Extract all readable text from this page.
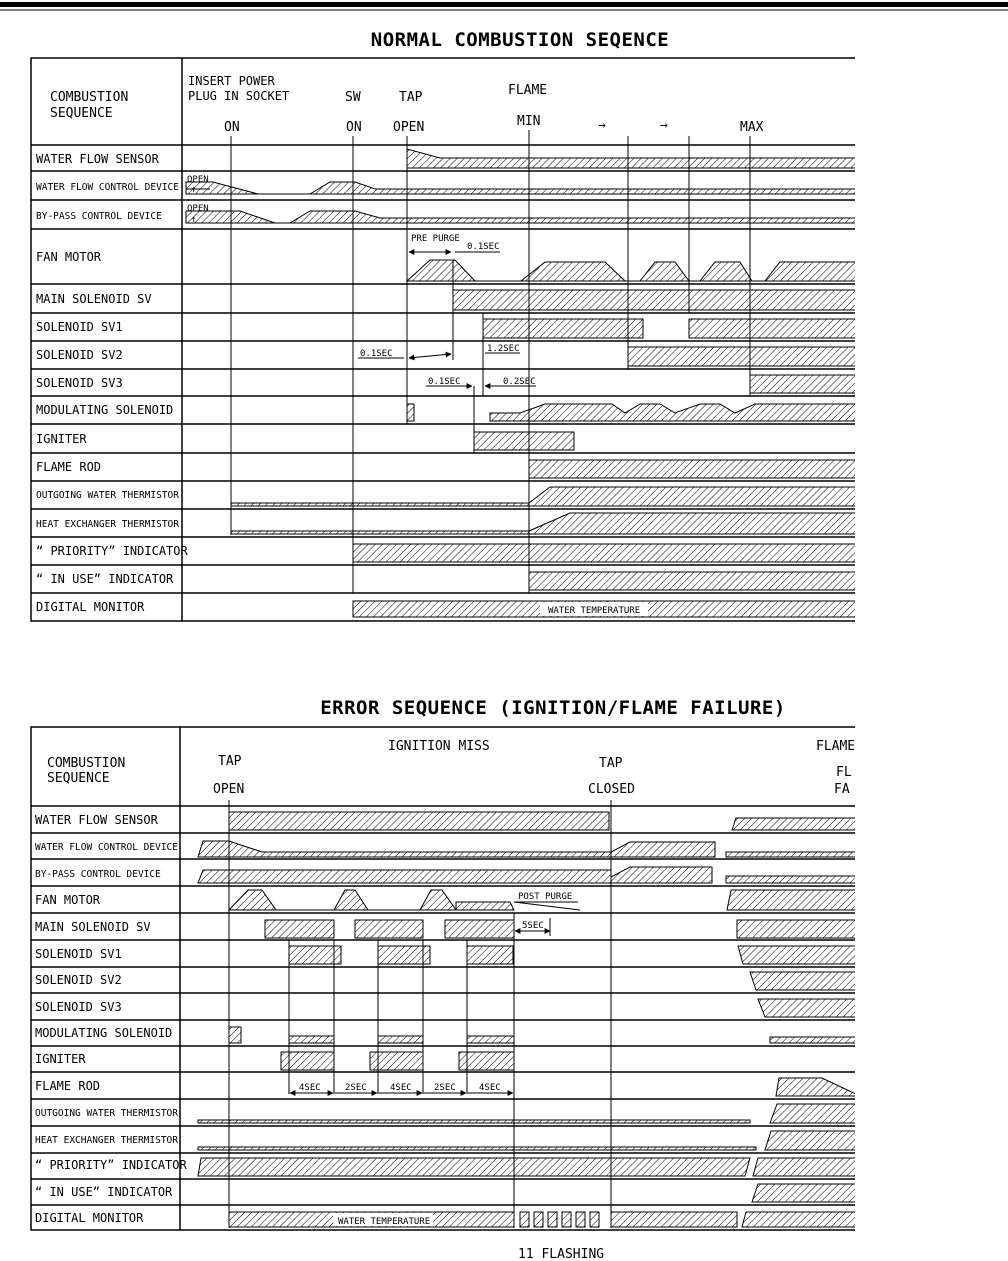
NORMAL COMBUSTION SEQENCE
COMBUSTION
SEQUENCE
INSERT POWER
PLUG IN SOCKET
ON
SW
ON
TAP
OPEN
FLAME
MIN	→	→	MAX
WATER FLOW SENSOR
WATER FLOW CONTROL DEVICE
BY-PASS CONTROL DEVICE
FAN MOTOR
MAIN SOLENOID SV
SOLENOID SV1
SOLENOID SV2
SOLENOID SV3
MODULATING SOLENOID
IGNITER
FLAME ROD
OUTGOING WATER THERMISTOR
HEAT EXCHANGER THERMISTOR
“ PRIORITY” INDICATOR
“ IN USE” INDICATOR
DIGITAL MONITOR
OPEN
↑
OPEN
↑
PRE PURGE
0.1SEC
0.1SEC	1.2SEC
0.1SEC	0.2SEC
WATER TEMPERATURE
ERROR SEQUENCE (IGNITION/FLAME FAILURE)
COMBUSTION
SEQUENCE
TAP
OPEN
IGNITION MISS
TAP
CLOSED
FLAME
FL
FA
WATER FLOW SENSOR
WATER FLOW CONTROL DEVICE
BY-PASS CONTROL DEVICE
FAN MOTOR
MAIN SOLENOID SV
SOLENOID SV1
SOLENOID SV2
SOLENOID SV3
MODULATING SOLENOID
IGNITER
FLAME ROD
OUTGOING WATER THERMISTOR
HEAT EXCHANGER THERMISTOR
“ PRIORITY” INDICATOR
“ IN USE” INDICATOR
DIGITAL MONITOR
POST PURGE
5SEC
4SEC	2SEC	4SEC 2SEC	4SEC
WATER TEMPERATURE
11 FLASHING
